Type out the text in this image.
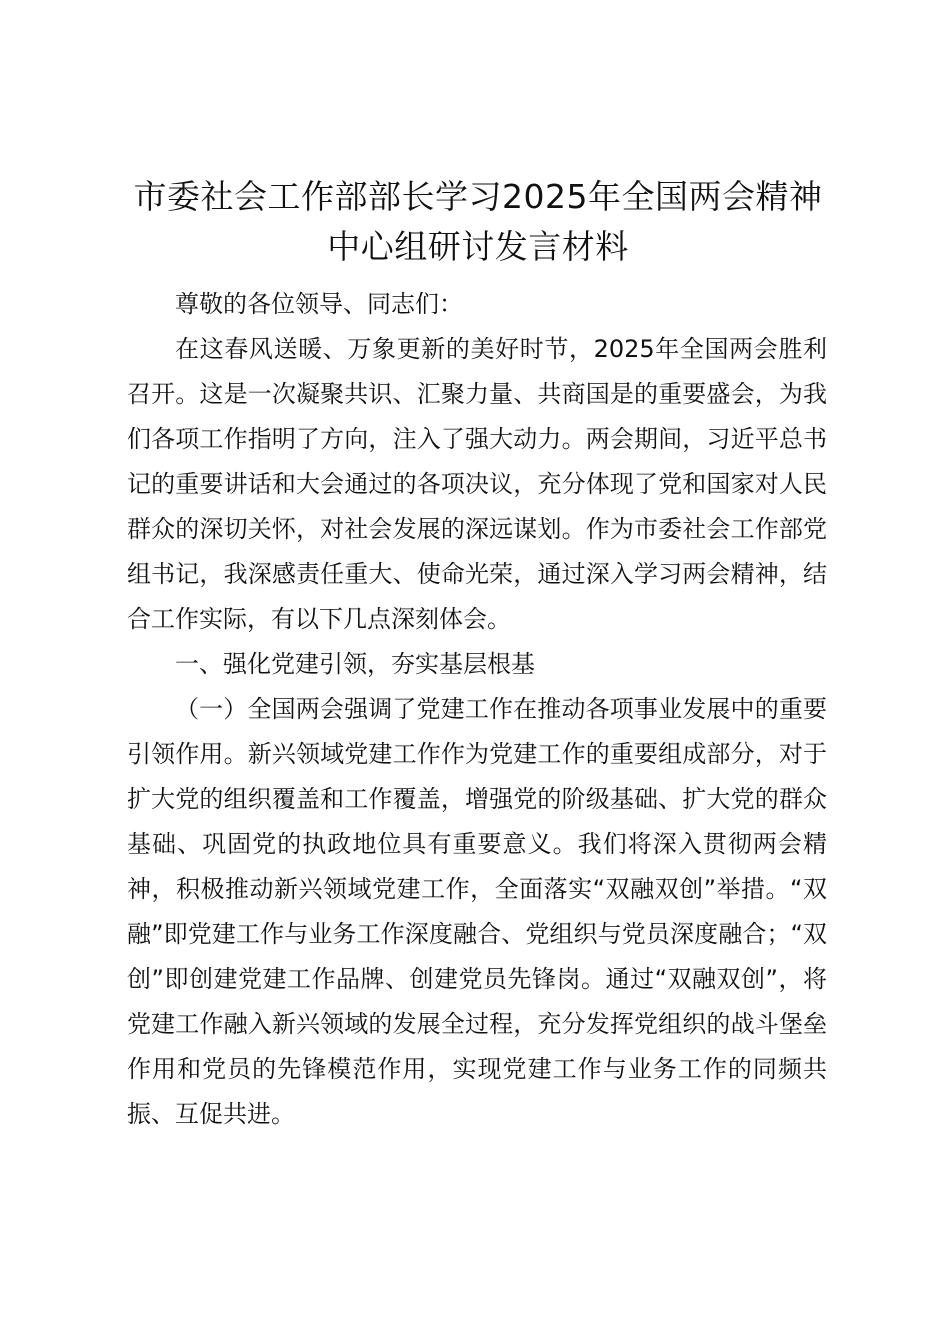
市委社会工作部部长学习2025年全国两会精神中心组研讨发言材料

尊敬的各位领导、同志们：

在这春风送暖、万象更新的美好时节，2025年全国两会胜利召开。这是一次凝聚共识、汇聚力量、共商国是的重要盛会，为我们各项工作指明了方向，注入了强大动力。两会期间，习近平总书记的重要讲话和大会通过的各项决议，充分体现了党和国家对人民群众的深切关怀，对社会发展的深远谋划。作为市委社会工作部党组书记，我深感责任重大、使命光荣，通过深入学习两会精神，结合工作实际，有以下几点深刻体会。

一、强化党建引领，夯实基层根基

（一）全国两会强调了党建工作在推动各项事业发展中的重要引领作用。新兴领域党建工作作为党建工作的重要组成部分，对于扩大党的组织覆盖和工作覆盖，增强党的阶级基础、扩大党的群众基础、巩固党的执政地位具有重要意义。我们将深入贯彻两会精神，积极推动新兴领域党建工作，全面落实“双融双创”举措。“双融”即党建工作与业务工作深度融合、党组织与党员深度融合；“双创”即创建党建工作品牌、创建党员先锋岗。通过“双融双创”，将党建工作融入新兴领域的发展全过程，充分发挥党组织的战斗堡垒作用和党员的先锋模范作用，实现党建工作与业务工作的同频共振、互促共进。
